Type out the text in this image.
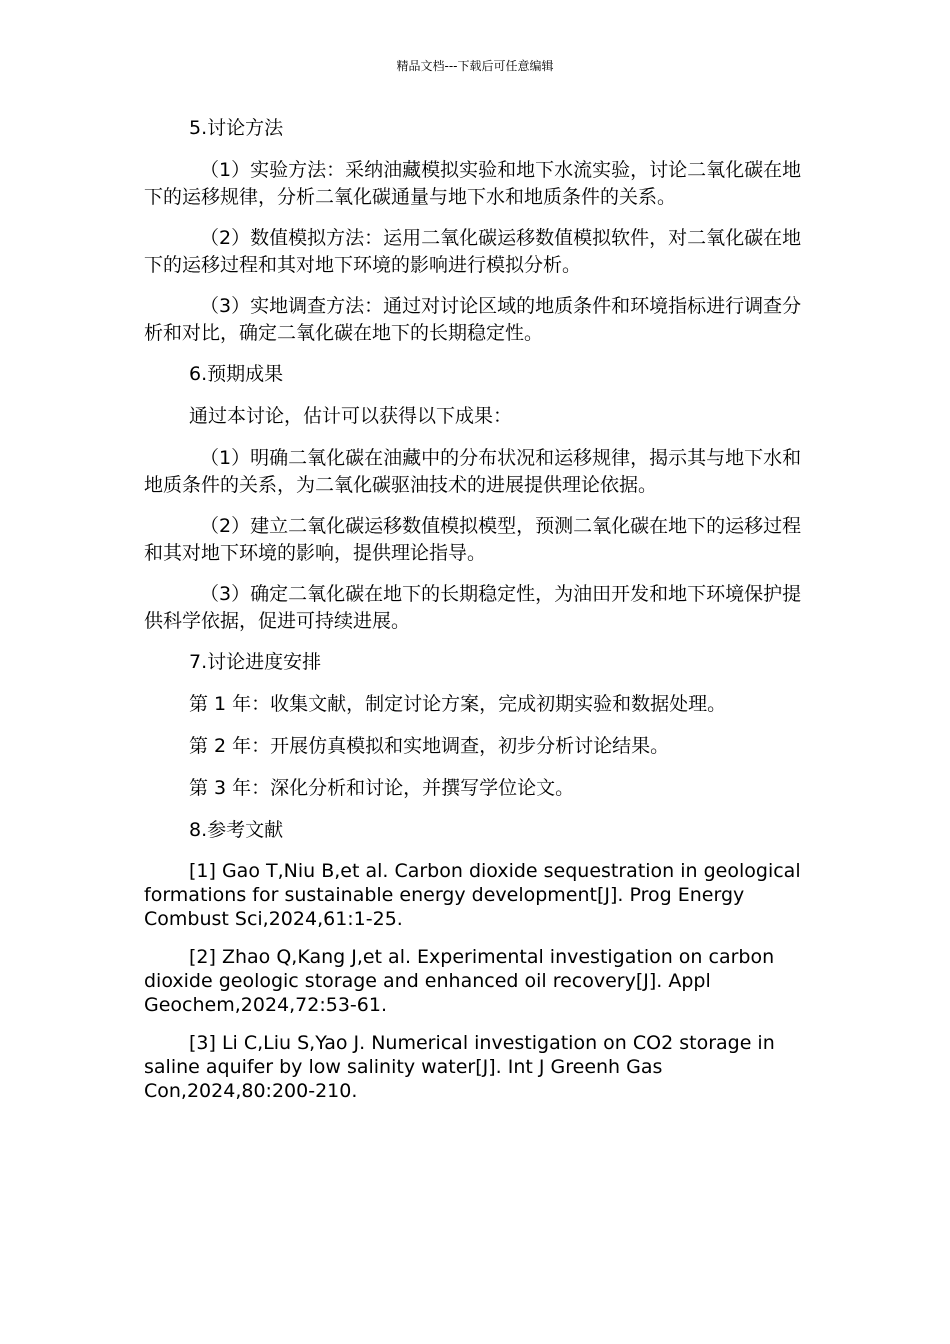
精品文档---下载后可任意编辑

5.讨论方法

（1）实验方法：采纳油藏模拟实验和地下水流实验，讨论二氧化碳在地下的运移规律，分析二氧化碳通量与地下水和地质条件的关系。

（2）数值模拟方法：运用二氧化碳运移数值模拟软件，对二氧化碳在地下的运移过程和其对地下环境的影响进行模拟分析。

（3）实地调查方法：通过对讨论区域的地质条件和环境指标进行调查分析和对比，确定二氧化碳在地下的长期稳定性。

6.预期成果

通过本讨论，估计可以获得以下成果：

（1）明确二氧化碳在油藏中的分布状况和运移规律，揭示其与地下水和地质条件的关系，为二氧化碳驱油技术的进展提供理论依据。

（2）建立二氧化碳运移数值模拟模型，预测二氧化碳在地下的运移过程和其对地下环境的影响，提供理论指导。

（3）确定二氧化碳在地下的长期稳定性，为油田开发和地下环境保护提供科学依据，促进可持续进展。

7.讨论进度安排

第 1 年：收集文献，制定讨论方案，完成初期实验和数据处理。

第 2 年：开展仿真模拟和实地调查，初步分析讨论结果。

第 3 年：深化分析和讨论，并撰写学位论文。

8.参考文献

[1] Gao T,Niu B,et al. Carbon dioxide sequestration in geological formations for sustainable energy development[J]. Prog Energy Combust Sci,2024,61:1-25.

[2] Zhao Q,Kang J,et al. Experimental investigation on carbon dioxide geologic storage and enhanced oil recovery[J]. Appl Geochem,2024,72:53-61.

[3] Li C,Liu S,Yao J. Numerical investigation on CO2 storage in saline aquifer by low salinity water[J]. Int J Greenh Gas Con,2024,80:200-210.
